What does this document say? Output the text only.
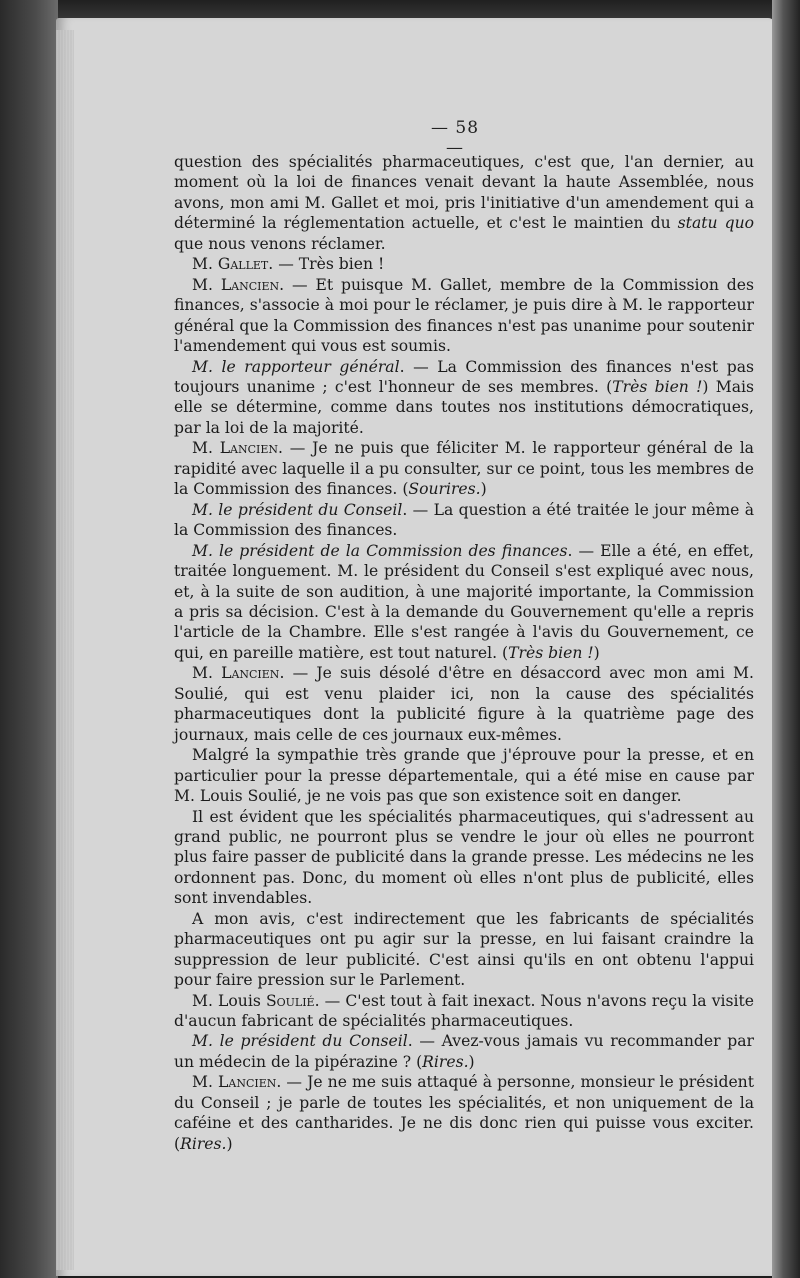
— 58 —

question des spécialités pharmaceutiques, c'est que, l'an dernier, au moment où la loi de finances venait devant la haute Assemblée, nous avons, mon ami M. Gallet et moi, pris l'initiative d'un amendement qui a déterminé la réglementation actuelle, et c'est le maintien du statu quo que nous venons réclamer.

M. Gallet. — Très bien !

M. Lancien. — Et puisque M. Gallet, membre de la Commission des finances, s'associe à moi pour le réclamer, je puis dire à M. le rapporteur général que la Commission des finances n'est pas unanime pour soutenir l'amendement qui vous est soumis.

M. le rapporteur général. — La Commission des finances n'est pas toujours unanime ; c'est l'honneur de ses membres. (Très bien !) Mais elle se détermine, comme dans toutes nos institutions démocratiques, par la loi de la majorité.

M. Lancien. — Je ne puis que féliciter M. le rapporteur général de la rapidité avec laquelle il a pu consulter, sur ce point, tous les membres de la Commission des finances. (Sourires.)

M. le président du Conseil. — La question a été traitée le jour même à la Commission des finances.

M. le président de la Commission des finances. — Elle a été, en effet, traitée longuement. M. le président du Conseil s'est expliqué avec nous, et, à la suite de son audition, à une majorité importante, la Commission a pris sa décision. C'est à la demande du Gouvernement qu'elle a repris l'article de la Chambre. Elle s'est rangée à l'avis du Gouvernement, ce qui, en pareille matière, est tout naturel. (Très bien !)

M. Lancien. — Je suis désolé d'être en désaccord avec mon ami M. Soulié, qui est venu plaider ici, non la cause des spécialités pharmaceutiques dont la publicité figure à la quatrième page des journaux, mais celle de ces journaux eux-mêmes.

Malgré la sympathie très grande que j'éprouve pour la presse, et en particulier pour la presse départementale, qui a été mise en cause par M. Louis Soulié, je ne vois pas que son existence soit en danger.

Il est évident que les spécialités pharmaceutiques, qui s'adressent au grand public, ne pourront plus se vendre le jour où elles ne pourront plus faire passer de publicité dans la grande presse. Les médecins ne les ordonnent pas. Donc, du moment où elles n'ont plus de publicité, elles sont invendables.

A mon avis, c'est indirectement que les fabricants de spécialités pharmaceutiques ont pu agir sur la presse, en lui faisant craindre la suppression de leur publicité. C'est ainsi qu'ils en ont obtenu l'appui pour faire pression sur le Parlement.

M. Louis Soulié. — C'est tout à fait inexact. Nous n'avons reçu la visite d'aucun fabricant de spécialités pharmaceutiques.

M. le président du Conseil. — Avez-vous jamais vu recommander par un médecin de la pipérazine ? (Rires.)

M. Lancien. — Je ne me suis attaqué à personne, monsieur le président du Conseil ; je parle de toutes les spécialités, et non uniquement de la caféine et des cantharides. Je ne dis donc rien qui puisse vous exciter. (Rires.)
